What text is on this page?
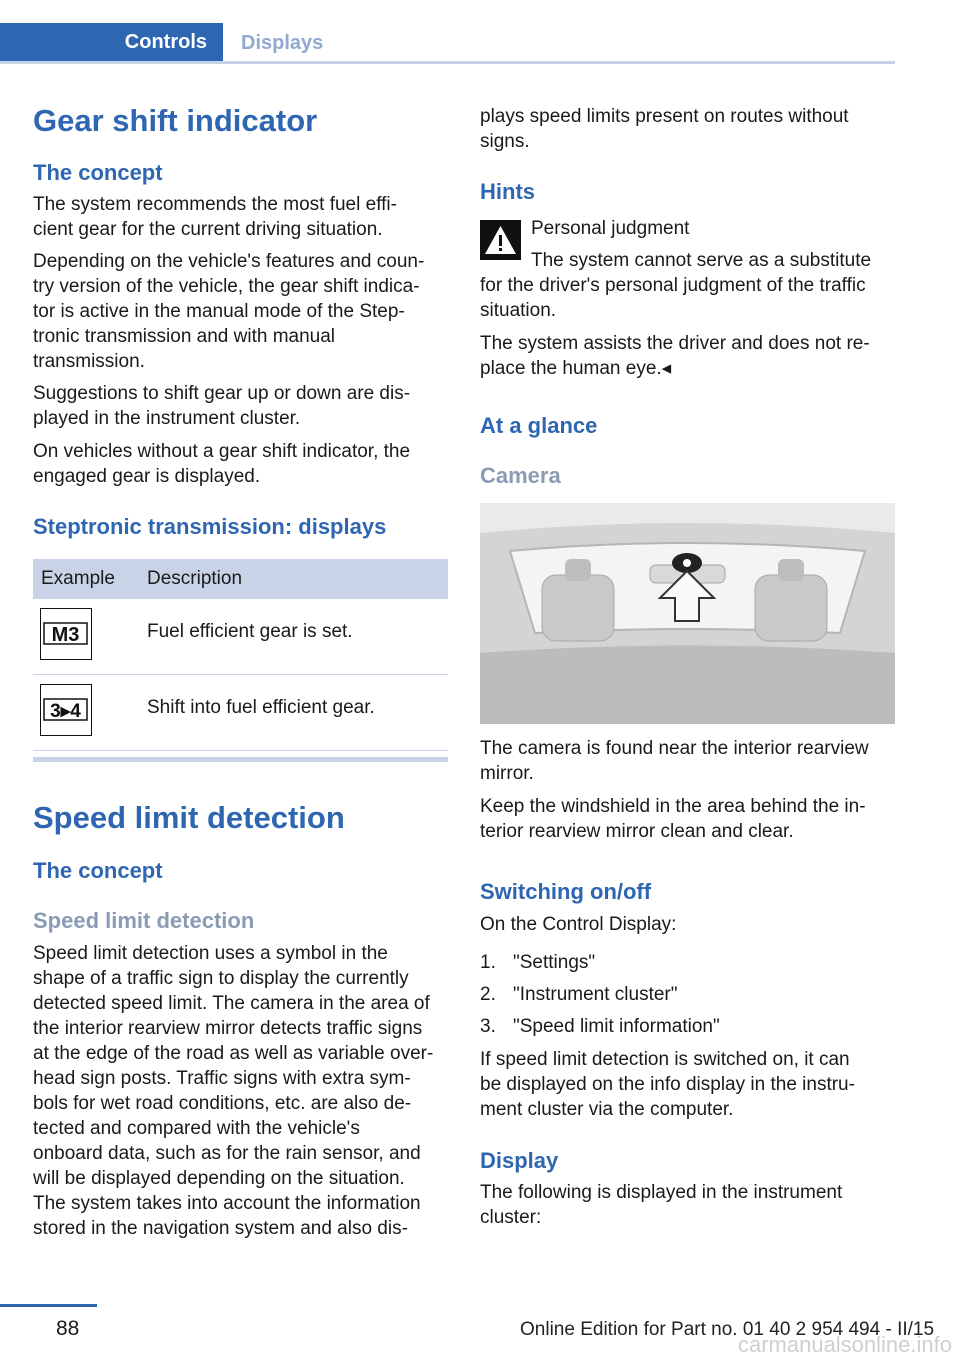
Controls	Displays
Gear shift indicator
The concept

The system recommends the most fuel effi-
cient gear for the current driving situation.

Depending on the vehicle's features and coun-
try version of the vehicle, the gear shift indica-
tor is active in the manual mode of the Step-
tronic transmission and with manual
transmission.

Suggestions to shift gear up or down are dis-
played in the instrument cluster.

On vehicles without a gear shift indicator, the
engaged gear is displayed.

Steptronic transmission: displays
Example	Description
M3	Fuel efficient gear is set.
3▸4	Shift into fuel efficient gear.
Speed limit detection
The concept
Speed limit detection

Speed limit detection uses a symbol in the
shape of a traffic sign to display the currently
detected speed limit. The camera in the area of
the interior rearview mirror detects traffic signs
at the edge of the road as well as variable over-
head sign posts. Traffic signs with extra sym-
bols for wet road conditions, etc. are also de-
tected and compared with the vehicle's
onboard data, such as for the rain sensor, and
will be displayed depending on the situation.
The system takes into account the information
stored in the navigation system and also dis-

plays speed limits present on routes without
signs.

Hints

Personal judgment

The system cannot serve as a substitute
for the driver's personal judgment of the traffic
situation.

The system assists the driver and does not re-
place the human eye.◂

At a glance
Camera

The camera is found near the interior rearview
mirror.

Keep the windshield in the area behind the in-
terior rearview mirror clean and clear.

Switching on/off

On the Control Display:

1. "Settings"
2. "Instrument cluster"
3. "Speed limit information"

If speed limit detection is switched on, it can
be displayed on the info display in the instru-
ment cluster via the computer.

Display

The following is displayed in the instrument
cluster:

88	Online Edition for Part no. 01 40 2 954 494 - II/15
carmanualsonline.info
